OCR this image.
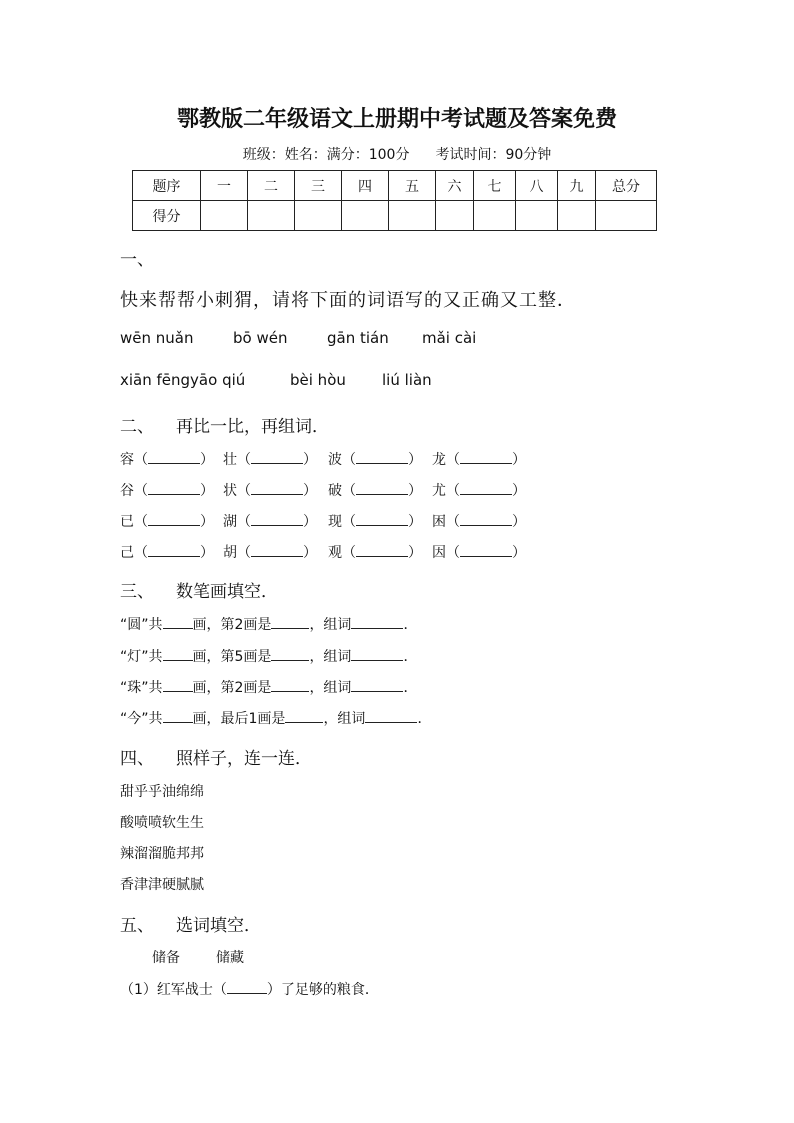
鄂教版二年级语文上册期中考试题及答案免费
班级：姓名：满分：100分 考试时间：90分钟
题序	一	二	三	四	五	六	七	八	九	总分
得分										
一、
快来帮帮小刺猬，请将下面的词语写的又正确又工整．
wēn nuǎn	bō wén	gān tián mǎi cài
xiān fēngyāo qiú	bèi hòu liú liàn
二、 再比一比，再组词．
容（	） 壮（	） 波（	） 龙（	）
谷（	） 状（	） 破（	） 尤（	）
已（	） 湖（	） 现（	） 困（	）
己（	） 胡（	） 观（	） 因（	）
三、 数笔画填空．
“圆”共 画，第2画是	，组词	．
“灯”共 画，第5画是	，组词	．
“珠”共 画，第2画是	，组词	．
“今”共 画，最后1画是	，组词	．
四、 照样子，连一连．
甜乎乎油绵绵
酸喷喷软生生
辣溜溜脆邦邦
香津津硬腻腻
五、 选词填空．
储备	储藏
（1）红军战士（	）了足够的粮食．
